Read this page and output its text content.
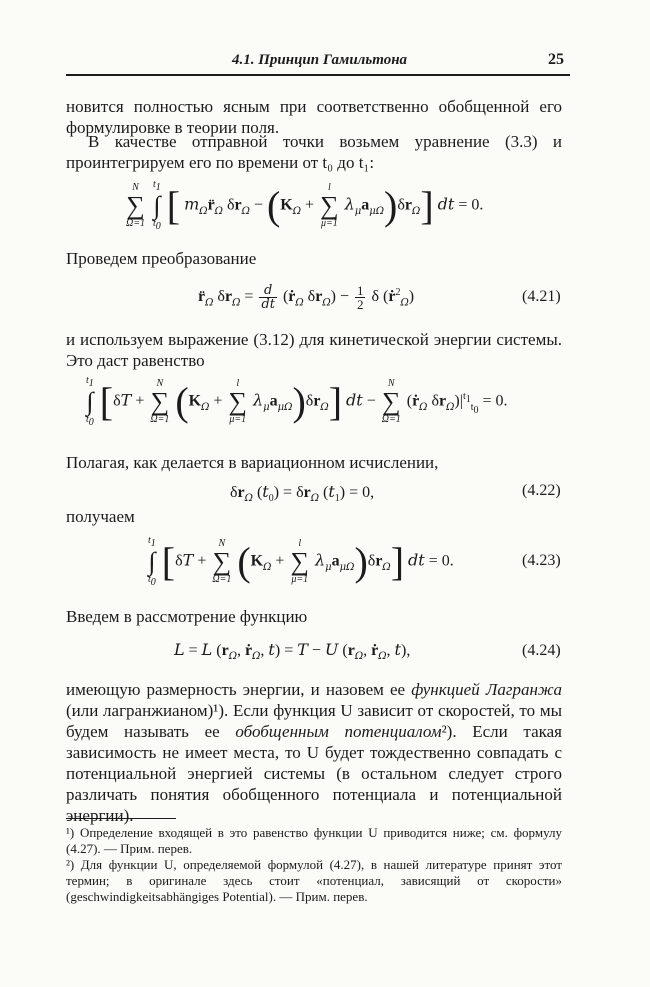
4.1. Принцип Гамильтона	25

новится полностью ясным при соответственно обобщенной его формулировке в теории поля.

В качестве отправной точки возьмем уравнение (3.3) и проинтегрируем его по времени от t₀ до t₁:

N
∑
Ω=1

$t_1$
∫
$t_0$ [ $m_\Omega r̈_\Omega$ $\delta r_\Omega - (K_\Omega$ +
l
∑
μ=1
$\lambda_\mu a_{\mu\Omega})\delta r_\Omega$] dt = 0.

Проведем преобразование

$r̈_\Omega$ $\delta r_\Omega = \frac{d}{dt}$ (ṙ$_\Omega$ $\delta r_\Omega) - \frac{1}{2}$ δ (ṙ$^2_\Omega$)	(4.21)

и используем выражение (3.12) для кинетической энергии системы. Это даст равенство

$t_1$
∫
$t_0$ [δT +
N
∑
Ω=1 ($K_\Omega$ +
l
∑
μ=1
$\lambda_\mu a_{\mu\Omega})\delta r_\Omega$] dt −
N
∑
Ω=1
(ṙ$_\Omega$ $\delta r_\Omega)|^{t_1}_{t_0} = 0$.

Полагая, как делается в вариационном исчислении,

$\delta r_\Omega$ $(t_0) = \delta r_\Omega$ $(t_1) = 0$,	(4.22)

получаем

$t_1$
∫
$t_0$ [δT +
N
∑
Ω=1 ($K_\Omega$ +
l
∑
μ=1
$\lambda_\mu a_{\mu\Omega})\delta r_\Omega$] dt = 0.	(4.23)

Введем в рассмотрение функцию

L = L ($r_\Omega$, ṙ$_\Omega$, t) = T − U ($r_\Omega$, ṙ$_\Omega$, t),	(4.24)

имеющую размерность энергии, и назовем ее функцией Лагранжа (или лагранжианом)¹). Если функция U зависит от скоростей, то мы будем называть ее обобщенным потенциалом²). Если такая зависимость не имеет места, то U будет тождественно совпадать с потенциальной энергией системы (в остальном следует строго различать понятия обобщенного потенциала и потенциальной энергии).

¹) Определение входящей в это равенство функции U приводится ниже; см. формулу (4.27). — Прим. перев.

²) Для функции U, определяемой формулой (4.27), в нашей литературе принят этот термин; в оригинале здесь стоит «потенциал, зависящий от скорости» (geschwindigkeitsabhängiges Potential). — Прим. перев.
